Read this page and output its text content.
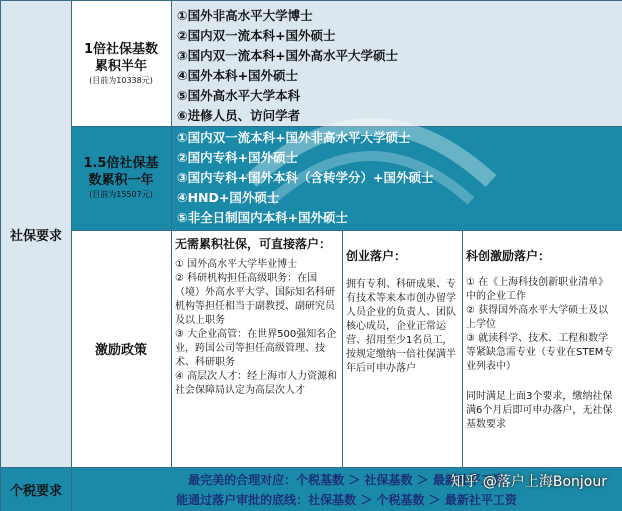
社保要求
1倍社保基数
累积半年
(目前为10338元)
①国外非高水平大学博士
②国内双一流本科+国外硕士
③国内双一流本科+国外高水平大学硕士
④国外本科+国外硕士
⑤国外高水平大学本科
⑥进修人员、访问学者
1.5倍社保基
数累积一年
(目前为15507元)
①国内双一流本科+国外非高水平大学硕士
②国内专科+国外硕士
③国内专科+国外本科（含转学分）+国外硕士
④HND+国外硕士
⑤非全日制国内本科+国外硕士
激励政策
无需累积社保，可直接落户：
① 国外高水平大学毕业博士
② 科研机构担任高级职务：在国（境）外高水平大学、国际知名科研机构等担任相当于副教授、副研究员及以上职务
③ 大企业高管：在世界500强知名企业，跨国公司等担任高级管理、技术、科研职务
④ 高层次人才：经上海市人力资源和社会保障局认定为高层次人才
创业落户：
拥有专利、科研成果、专有技术等来本市创办留学人员企业的负责人、团队核心成员，企业正常运营、招用至少1名员工，按规定缴纳一倍社保满半年后可申办落户
科创激励落户：
① 在《上海科技创新职业清单》中的企业工作
② 获得国外高水平大学硕士及以上学位
③ 就读科学、技术、工程和数学等紧缺急需专业（专业在STEM专业列表中）
同时满足上面3个要求，缴纳社保满6个月后即可申办落户，无社保基数要求
个税要求
最完美的合理对应：个税基数 ＞ 社保基数 ＞ 最新社平工资
能通过落户审批的底线：社保基数 ＞ 个税基数 ＞ 最新社平工资
知乎 @落户上海Bonjour
